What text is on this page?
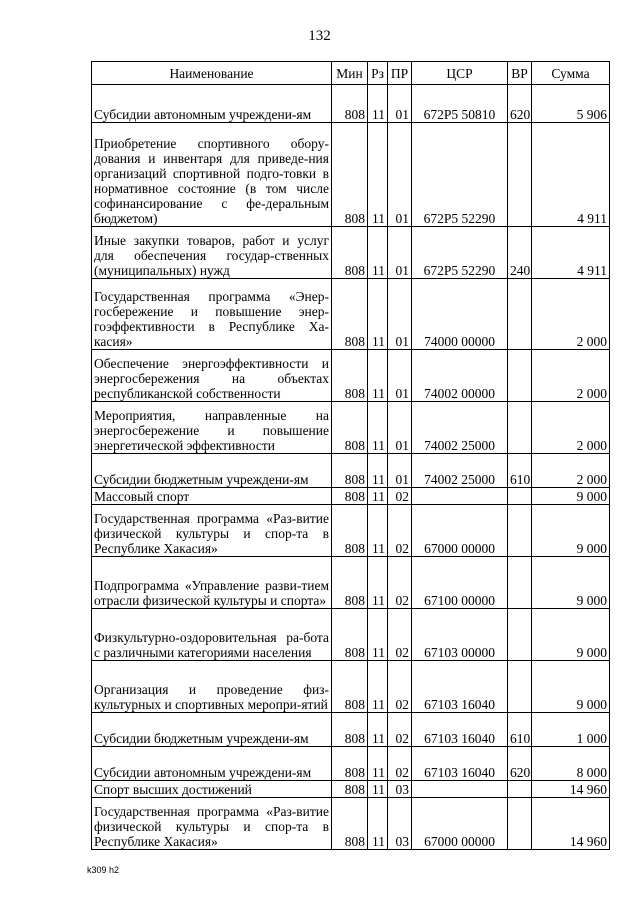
132
Наименование	Мин	Рз	ПР	ЦСР	ВР	Сумма
Субсидии автономным учреждени-ям	808	11	01	672P5 50810	620	5 906
Приобретение спортивного обору-дования и инвентаря для приведе-ния организаций спортивной подго-товки в нормативное состояние (в том числе софинансирование с фе-деральным бюджетом)	808	11	01	672P5 52290		4 911
Иные закупки товаров, работ и услуг для обеспечения государ-ственных (муниципальных) нужд	808	11	01	672P5 52290	240	4 911
Государственная программа «Энер-госбережение и повышение энер-гоэффективности в Республике Ха-касия»	808	11	01	74000 00000		2 000
Обеспечение энергоэффективности и энергосбережения на объектах республиканской собственности	808	11	01	74002 00000		2 000
Мероприятия, направленные на энергосбережение и повышение энергетической эффективности	808	11	01	74002 25000		2 000
Субсидии бюджетным учреждени-ям	808	11	01	74002 25000	610	2 000
Массовый спорт	808	11	02			9 000
Государственная программа «Раз-витие физической культуры и спор-та в Республике Хакасия»	808	11	02	67000 00000		9 000
Подпрограмма «Управление разви-тием отрасли физической культуры и спорта»	808	11	02	67100 00000		9 000
Физкультурно-оздоровительная ра-бота с различными категориями населения	808	11	02	67103 00000		9 000
Организация и проведение физ-культурных и спортивных меропри-ятий	808	11	02	67103 16040		9 000
Субсидии бюджетным учреждени-ям	808	11	02	67103 16040	610	1 000
Субсидии автономным учреждени-ям	808	11	02	67103 16040	620	8 000
Спорт высших достижений	808	11	03			14 960
Государственная программа «Раз-витие физической культуры и спор-та в Республике Хакасия»	808	11	03	67000 00000		14 960
k309 h2
